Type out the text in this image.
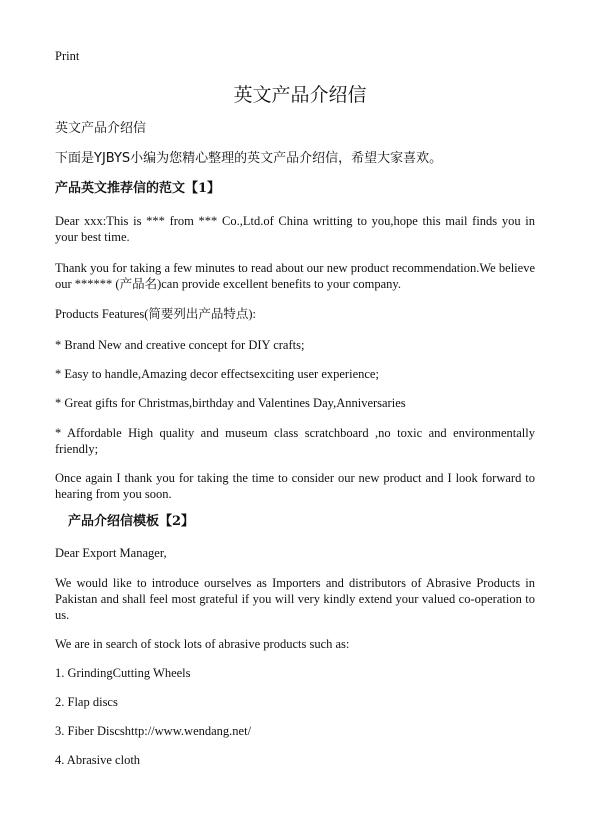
Print
英文产品介绍信
英文产品介绍信
下面是YJBYS小编为您精心整理的英文产品介绍信，希望大家喜欢。
产品英文推荐信的范文【1】
Dear xxx:This is *** from *** Co.,Ltd.of China writting to you,hope this mail finds you in your best time.
Thank you for taking a few minutes to read about our new product recommendation.We believe our ****** (产品名)can provide excellent benefits to your company.
Products Features(简要列出产品特点):
* Brand New and creative concept for DIY crafts;
* Easy to handle,Amazing decor effectsexciting user experience;
* Great gifts for Christmas,birthday and Valentines Day,Anniversaries
* Affordable High quality and museum class scratchboard ,no toxic and environmentally friendly;
Once again I thank you for taking the time to consider our new product and I look forward to hearing from you soon.
产品介绍信模板【2】
Dear Export Manager,
We would like to introduce ourselves as Importers and distributors of Abrasive Products in Pakistan and shall feel most grateful if you will very kindly extend your valued co-operation to us.
We are in search of stock lots of abrasive products such as:
1. GrindingCutting Wheels
2. Flap discs
3. Fiber Discshttp://www.wendang.net/
4. Abrasive cloth
